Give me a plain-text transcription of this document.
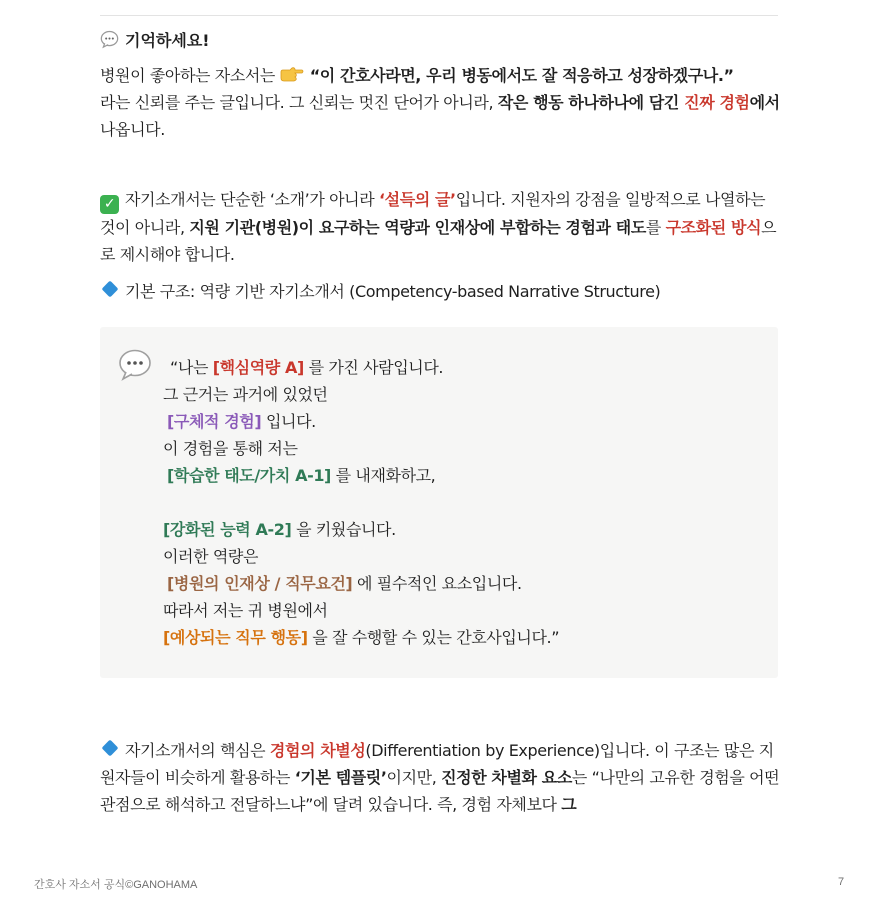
기억하세요!
병원이 좋아하는 자소서는 “이 간호사라면, 우리 병동에서도 잘 적응하고 성장하겠구나.”
라는 신뢰를 주는 글입니다. 그 신뢰는 멋진 단어가 아니라, 작은 행동 하나하나에 담긴 진짜 경험에서 나옵니다.
✓ 자기소개서는 단순한 ‘소개’가 아니라 ‘설득의 글’입니다. 지원자의 강점을 일방적으로 나열하는 것이 아니라, 지원 기관(병원)이 요구하는 역량과 인재상에 부합하는 경험과 태도를 구조화된 방식으로 제시해야 합니다.
기본 구조: 역량 기반 자기소개서 (Competency-based Narrative Structure)
“나는 [핵심역량 A] 를 가진 사람입니다.
그 근거는 과거에 있었던
[구체적 경험] 입니다.
이 경험을 통해 저는
[학습한 태도/가치 A-1] 를 내재화하고,
[강화된 능력 A-2] 을 키웠습니다.
이러한 역량은
[병원의 인재상 / 직무요건] 에 필수적인 요소입니다.
따라서 저는 귀 병원에서
[예상되는 직무 행동] 을 잘 수행할 수 있는 간호사입니다.”
자기소개서의 핵심은 경험의 차별성(Differentiation by Experience)입니다. 이 구조는 많은 지원자들이 비슷하게 활용하는 ‘기본 템플릿’이지만, 진정한 차별화 요소는 “나만의 고유한 경험을 어떤 관점으로 해석하고 전달하느냐”에 달려 있습니다. 즉, 경험 자체보다 그
간호사 자소서 공식©GANOHAMA	7
